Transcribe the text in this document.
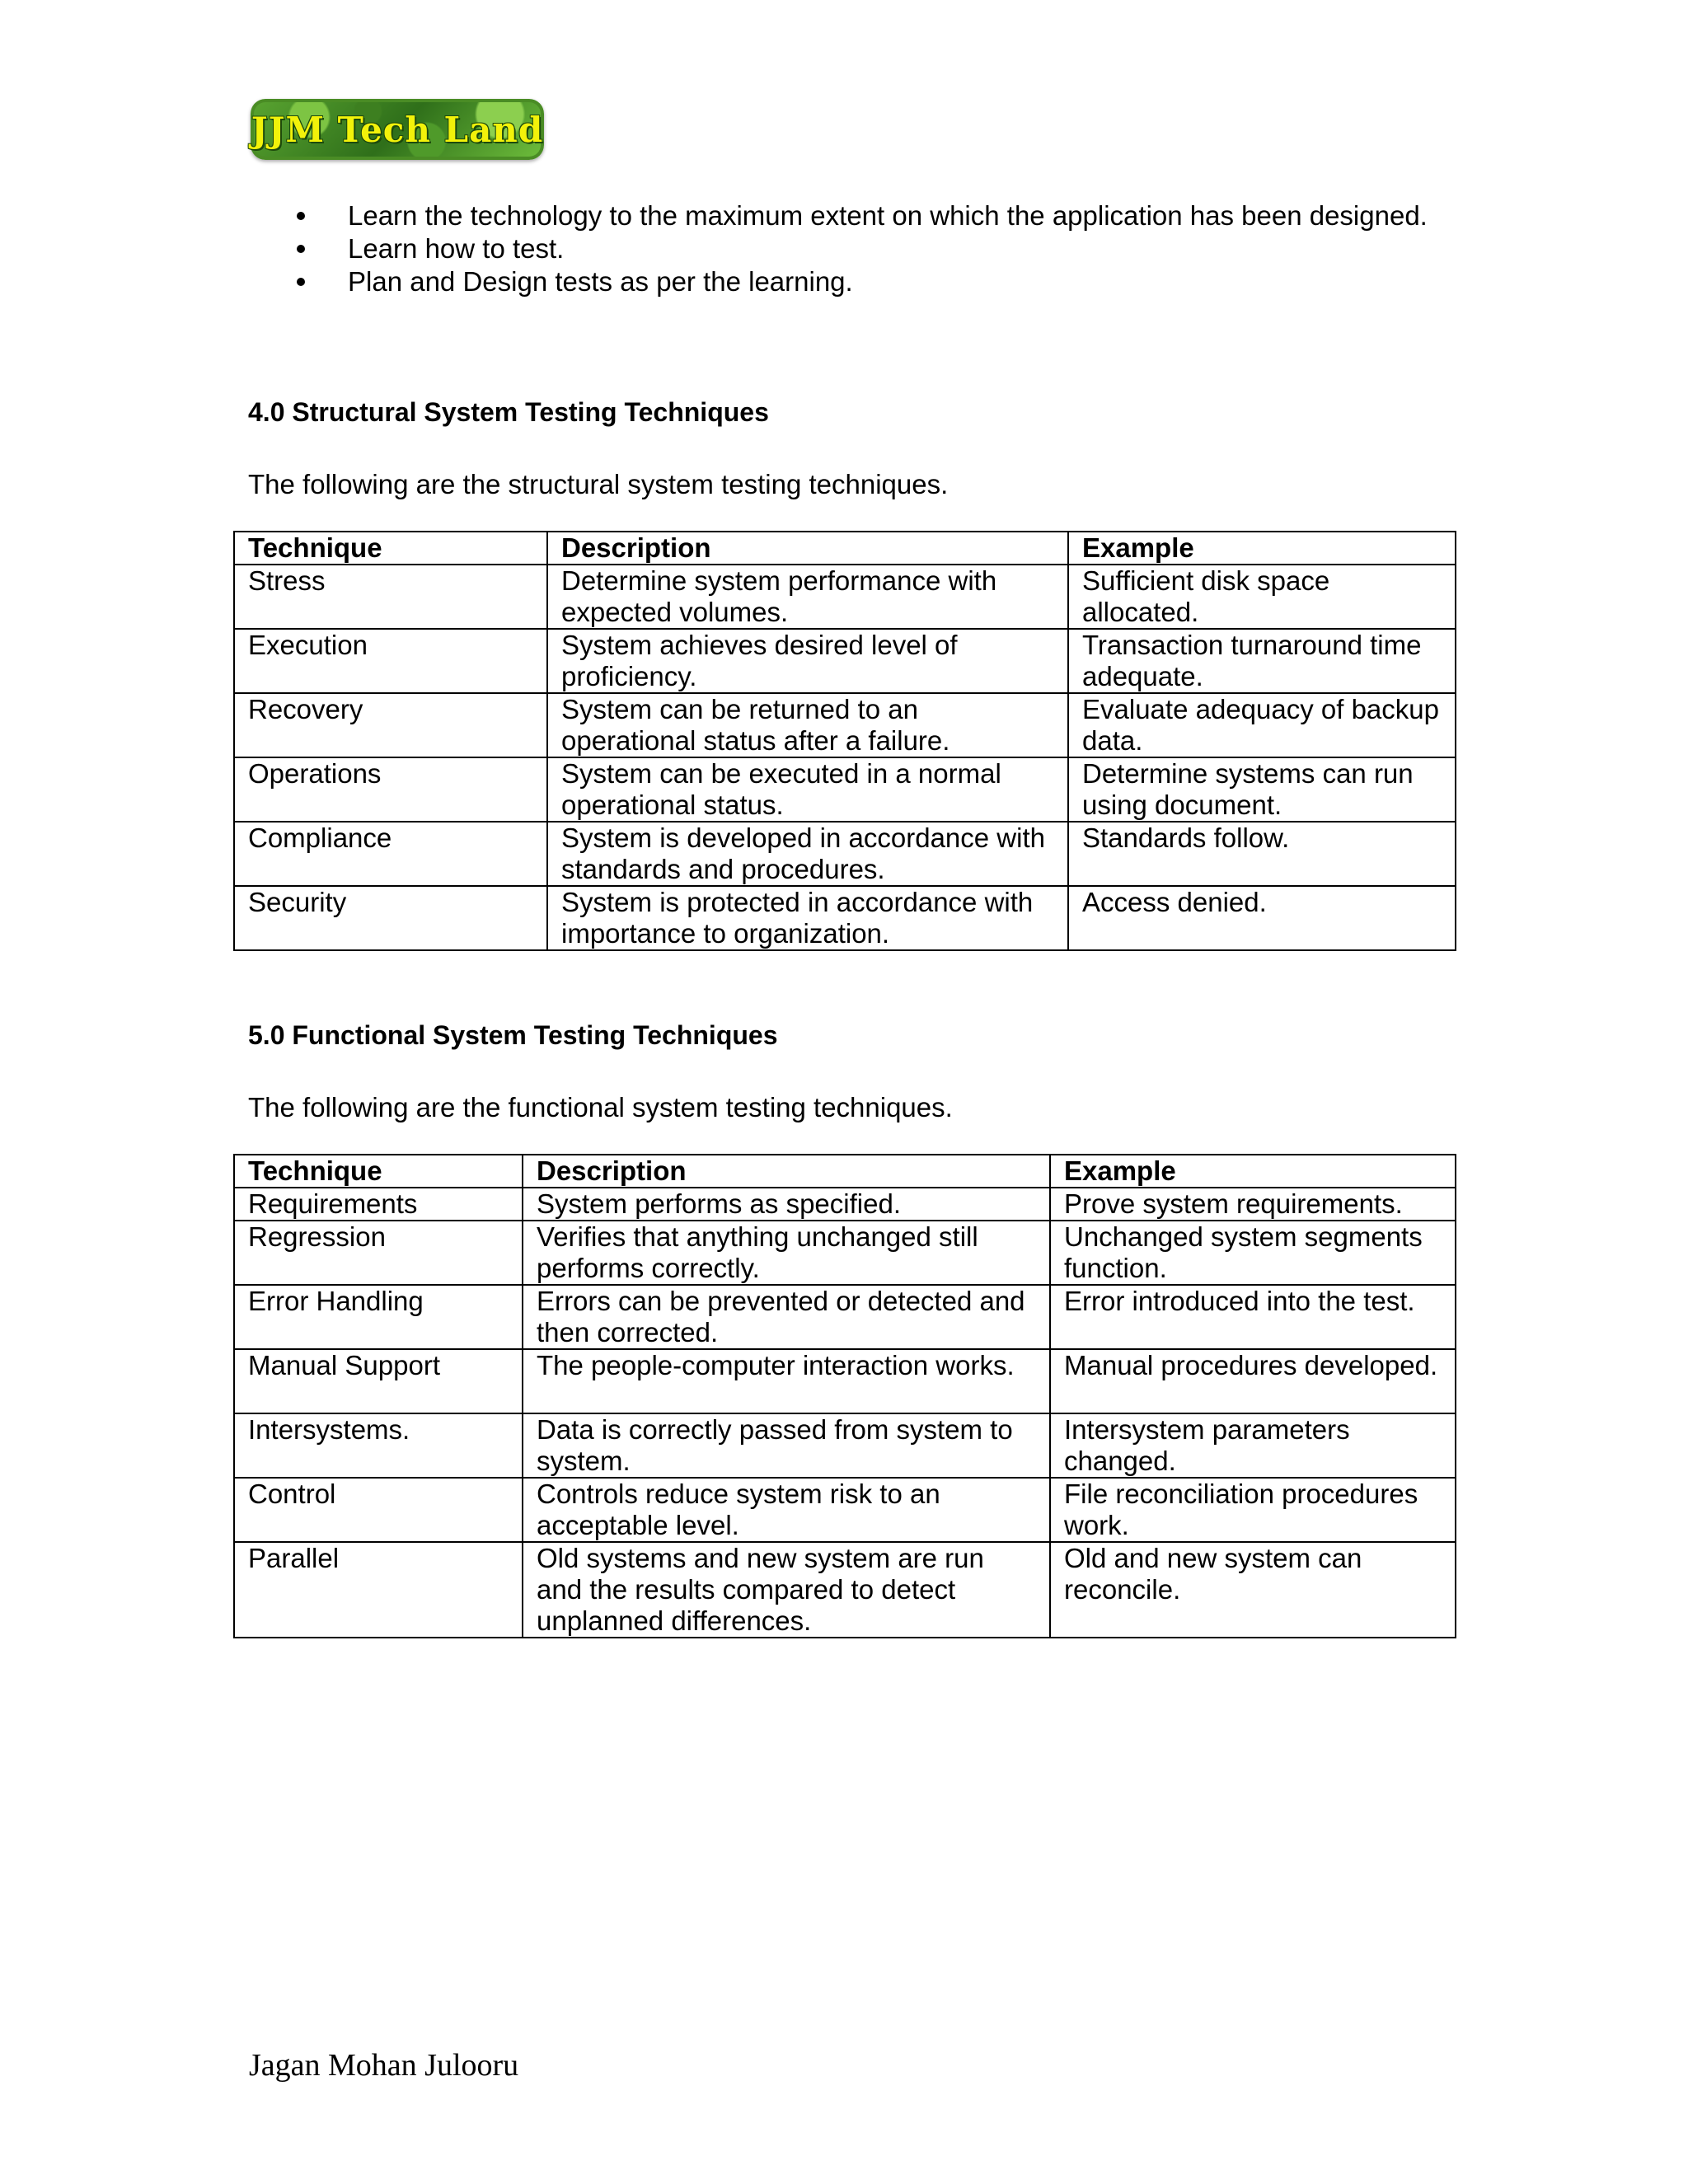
JJM Tech Land
Learn the technology to the maximum extent on which the application has been designed.
Learn how to test.
Plan and Design tests as per the learning.
4.0 Structural System Testing Techniques
The following are the structural system testing techniques.
Technique	Description	Example
Stress	Determine system performance with expected volumes.	Sufficient disk space allocated.
Execution	System achieves desired level of proficiency.	Transaction turnaround time adequate.
Recovery	System can be returned to an operational status after a failure.	Evaluate adequacy of backup data.
Operations	System can be executed in a normal operational status.	Determine systems can run using document.
Compliance	System is developed in accordance with standards and procedures.	Standards follow.
Security	System is protected in accordance with importance to organization.	Access denied.
5.0 Functional System Testing Techniques
The following are the functional system testing techniques.
Technique	Description	Example
Requirements	System performs as specified.	Prove system requirements.
Regression	Verifies that anything unchanged still performs correctly.	Unchanged system segments function.
Error Handling	Errors can be prevented or detected and then corrected.	Error introduced into the test.
Manual Support	The people-computer interaction works.	Manual procedures developed.
Intersystems.	Data is correctly passed from system to system.	Intersystem parameters changed.
Control	Controls reduce system risk to an acceptable level.	File reconciliation procedures work.
Parallel	Old systems and new system are run and the results compared to detect unplanned differences.	Old and new system can reconcile.
Jagan Mohan Julooru
